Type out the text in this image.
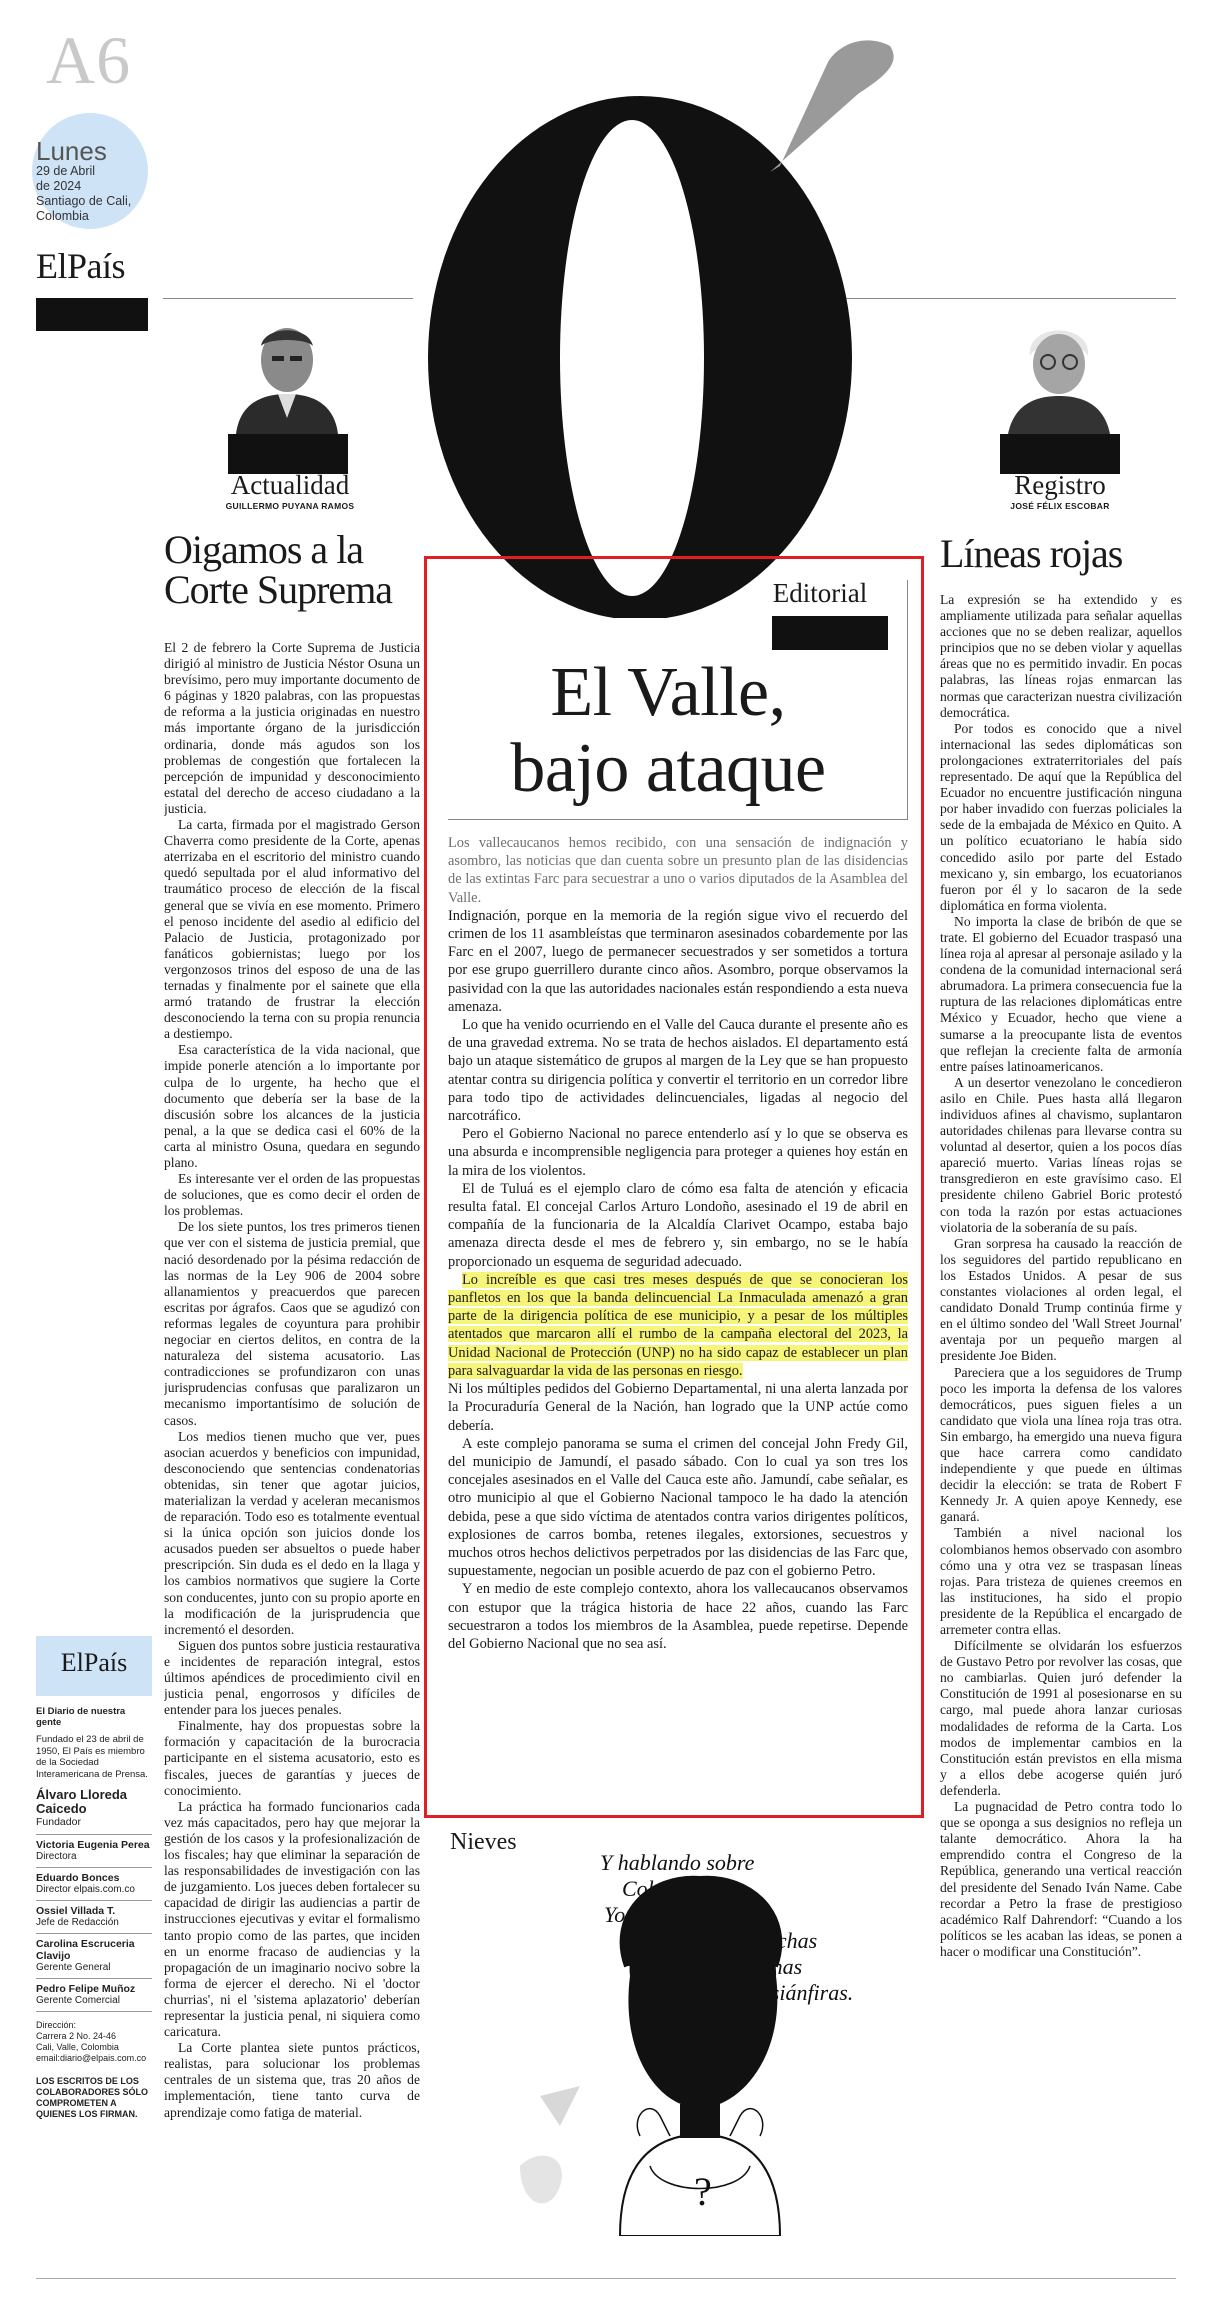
A6
Lunes
29 de Abril
de 2024
Santiago de Cali,
Colombia
ElPaís
Actualidad
GUILLERMO PUYANA RAMOS
Registro
JOSÉ FÉLIX ESCOBAR
Oigamos a la
Corte Suprema

El 2 de febrero la Corte Suprema de Justicia dirigió al ministro de Justicia Néstor Osuna un brevísimo, pero muy importante documento de 6 páginas y 1820 palabras, con las propuestas de reforma a la justicia originadas en nuestro más importante órgano de la jurisdicción ordinaria, donde más agudos son los problemas de congestión que fortalecen la percepción de impunidad y desconocimiento estatal del derecho de acceso ciudadano a la justicia.

La carta, firmada por el magistrado Gerson Chaverra como presidente de la Corte, apenas aterrizaba en el escritorio del ministro cuando quedó sepultada por el alud informativo del traumático proceso de elección de la fiscal general que se vivía en ese momento. Primero el penoso incidente del asedio al edificio del Palacio de Justicia, protagonizado por fanáticos gobiernistas; luego por los vergonzosos trinos del esposo de una de las ternadas y finalmente por el sainete que ella armó tratando de frustrar la elección desconociendo la terna con su propia renuncia a destiempo.

Esa característica de la vida nacional, que impide ponerle atención a lo importante por culpa de lo urgente, ha hecho que el documento que debería ser la base de la discusión sobre los alcances de la justicia penal, a la que se dedica casi el 60% de la carta al ministro Osuna, quedara en segundo plano.

Es interesante ver el orden de las propuestas de soluciones, que es como decir el orden de los problemas.

De los siete puntos, los tres primeros tienen que ver con el sistema de justicia premial, que nació desordenado por la pésima redacción de las normas de la Ley 906 de 2004 sobre allanamientos y preacuerdos que parecen escritas por ágrafos. Caos que se agudizó con reformas legales de coyuntura para prohibir negociar en ciertos delitos, en contra de la naturaleza del sistema acusatorio. Las contradicciones se profundizaron con unas jurisprudencias confusas que paralizaron un mecanismo importantísimo de solución de casos.

Los medios tienen mucho que ver, pues asocian acuerdos y beneficios con impunidad, desconociendo que sentencias condenatorias obtenidas, sin tener que agotar juicios, materializan la verdad y aceleran mecanismos de reparación. Todo eso es totalmente eventual si la única opción son juicios donde los acusados pueden ser absueltos o puede haber prescripción. Sin duda es el dedo en la llaga y los cambios normativos que sugiere la Corte son conducentes, junto con su propio aporte en la modificación de la jurisprudencia que incrementó el desorden.

Siguen dos puntos sobre justicia restaurativa e incidentes de reparación integral, estos últimos apéndices de procedimiento civil en justicia penal, engorrosos y difíciles de entender para los jueces penales.

Finalmente, hay dos propuestas sobre la formación y capacitación de la burocracia participante en el sistema acusatorio, esto es fiscales, jueces de garantías y jueces de conocimiento.

La práctica ha formado funcionarios cada vez más capacitados, pero hay que mejorar la gestión de los casos y la profesionalización de los fiscales; hay que eliminar la separación de las responsabilidades de investigación con las de juzgamiento. Los jueces deben fortalecer su capacidad de dirigir las audiencias a partir de instrucciones ejecutivas y evitar el formalismo tanto propio como de las partes, que inciden en un enorme fracaso de audiencias y la propagación de un imaginario nocivo sobre la forma de ejercer el derecho. Ni el 'doctor churrias', ni el 'sistema aplazatorio' deberían representar la justicia penal, ni siquiera como caricatura.

La Corte plantea siete puntos prácticos, realistas, para solucionar los problemas centrales de un sistema que, tras 20 años de implementación, tiene tanto curva de aprendizaje como fatiga de material.

Editorial
El Valle,
bajo ataque

Los vallecaucanos hemos recibido, con una sensación de indignación y asombro, las noticias que dan cuenta sobre un presunto plan de las disidencias de las extintas Farc para secuestrar a uno o varios diputados de la Asamblea del Valle.

Indignación, porque en la memoria de la región sigue vivo el recuerdo del crimen de los 11 asambleístas que terminaron asesinados cobardemente por las Farc en el 2007, luego de permanecer secuestrados y ser sometidos a tortura por ese grupo guerrillero durante cinco años. Asombro, porque observamos la pasividad con la que las autoridades nacionales están respondiendo a esta nueva amenaza.

Lo que ha venido ocurriendo en el Valle del Cauca durante el presente año es de una gravedad extrema. No se trata de hechos aislados. El departamento está bajo un ataque sistemático de grupos al margen de la Ley que se han propuesto atentar contra su dirigencia política y convertir el territorio en un corredor libre para todo tipo de actividades delincuenciales, ligadas al negocio del narcotráfico.

Pero el Gobierno Nacional no parece entenderlo así y lo que se observa es una absurda e incomprensible negligencia para proteger a quienes hoy están en la mira de los violentos.

El de Tuluá es el ejemplo claro de cómo esa falta de atención y eficacia resulta fatal. El concejal Carlos Arturo Londoño, asesinado el 19 de abril en compañía de la funcionaria de la Alcaldía Clarivet Ocampo, estaba bajo amenaza directa desde el mes de febrero y, sin embargo, no se le había proporcionado un esquema de seguridad adecuado.

Lo increíble es que casi tres meses después de que se conocieran los panfletos en los que la banda delincuencial La Inmaculada amenazó a gran parte de la dirigencia política de ese municipio, y a pesar de los múltiples atentados que marcaron allí el rumbo de la campaña electoral del 2023, la Unidad Nacional de Protección (UNP) no ha sido capaz de establecer un plan para salvaguardar la vida de las personas en riesgo.

Ni los múltiples pedidos del Gobierno Departamental, ni una alerta lanzada por la Procuraduría General de la Nación, han logrado que la UNP actúe como debería.

A este complejo panorama se suma el crimen del concejal John Fredy Gil, del municipio de Jamundí, el pasado sábado. Con lo cual ya son tres los concejales asesinados en el Valle del Cauca este año. Jamundí, cabe señalar, es otro municipio al que el Gobierno Nacional tampoco le ha dado la atención debida, pese a que sido víctima de atentados contra varios dirigentes políticos, explosiones de carros bomba, retenes ilegales, extorsiones, secuestros y muchos otros hechos delictivos perpetrados por las disidencias de las Farc que, supuestamente, negocian un posible acuerdo de paz con el gobierno Petro.

Y en medio de este complejo contexto, ahora los vallecaucanos observamos con estupor que la trágica historia de hace 22 años, cuando las Farc secuestraron a todos los miembros de la Asamblea, puede repetirse. Depende del Gobierno Nacional que no sea así.

Nieves
Y hablando sobre
Colombia
Yo me pregunto
muchas
muchas
cosiánfiras.
?
Líneas rojas

La expresión se ha extendido y es ampliamente utilizada para señalar aquellas acciones que no se deben realizar, aquellos principios que no se deben violar y aquellas áreas que no es permitido invadir. En pocas palabras, las líneas rojas enmarcan las normas que caracterizan nuestra civilización democrática.

Por todos es conocido que a nivel internacional las sedes diplomáticas son prolongaciones extraterritoriales del país representado. De aquí que la República del Ecuador no encuentre justificación ninguna por haber invadido con fuerzas policiales la sede de la embajada de México en Quito. A un político ecuatoriano le había sido concedido asilo por parte del Estado mexicano y, sin embargo, los ecuatorianos fueron por él y lo sacaron de la sede diplomática en forma violenta.

No importa la clase de bribón de que se trate. El gobierno del Ecuador traspasó una línea roja al apresar al personaje asilado y la condena de la comunidad internacional será abrumadora. La primera consecuencia fue la ruptura de las relaciones diplomáticas entre México y Ecuador, hecho que viene a sumarse a la preocupante lista de eventos que reflejan la creciente falta de armonía entre países latinoamericanos.

A un desertor venezolano le concedieron asilo en Chile. Pues hasta allá llegaron individuos afines al chavismo, suplantaron autoridades chilenas para llevarse contra su voluntad al desertor, quien a los pocos días apareció muerto. Varias líneas rojas se transgredieron en este gravísimo caso. El presidente chileno Gabriel Boric protestó con toda la razón por estas actuaciones violatoria de la soberanía de su país.

Gran sorpresa ha causado la reacción de los seguidores del partido republicano en los Estados Unidos. A pesar de sus constantes violaciones al orden legal, el candidato Donald Trump continúa firme y en el último sondeo del 'Wall Street Journal' aventaja por un pequeño margen al presidente Joe Biden.

Pareciera que a los seguidores de Trump poco les importa la defensa de los valores democráticos, pues siguen fieles a un candidato que viola una línea roja tras otra. Sin embargo, ha emergido una nueva figura que hace carrera como candidato independiente y que puede en últimas decidir la elección: se trata de Robert F Kennedy Jr. A quien apoye Kennedy, ese ganará.

También a nivel nacional los colombianos hemos observado con asombro cómo una y otra vez se traspasan líneas rojas. Para tristeza de quienes creemos en las instituciones, ha sido el propio presidente de la República el encargado de arremeter contra ellas.

Difícilmente se olvidarán los esfuerzos de Gustavo Petro por revolver las cosas, que no cambiarlas. Quien juró defender la Constitución de 1991 al posesionarse en su cargo, mal puede ahora lanzar curiosas modalidades de reforma de la Carta. Los modos de implementar cambios en la Constitución están previstos en ella misma y a ellos debe acogerse quién juró defenderla.

La pugnacidad de Petro contra todo lo que se oponga a sus designios no refleja un talante democrático. Ahora la ha emprendido contra el Congreso de la República, generando una vertical reacción del presidente del Senado Iván Name. Cabe recordar a Petro la frase de prestigioso académico Ralf Dahrendorf: “Cuando a los políticos se les acaban las ideas, se ponen a hacer o modificar una Constitución”.

ElPaís
El Diario de nuestra gente
Fundado el 23 de abril de 1950, El País es miembro de la Sociedad Interamericana de Prensa.
Álvaro Lloreda Caicedo
Fundador
Victoria Eugenia Perea
Directora
Eduardo Bonces
Director elpais.com.co
Ossiel Villada T.
Jefe de Redacción
Carolina Escruceria Clavijo
Gerente General
Pedro Felipe Muñoz
Gerente Comercial
Dirección:
Carrera 2 No. 24-46
Cali, Valle, Colombia
email:diario@elpais.com.co
LOS ESCRITOS DE LOS COLABORADORES SÓLO COMPROMETEN A QUIENES LOS FIRMAN.
